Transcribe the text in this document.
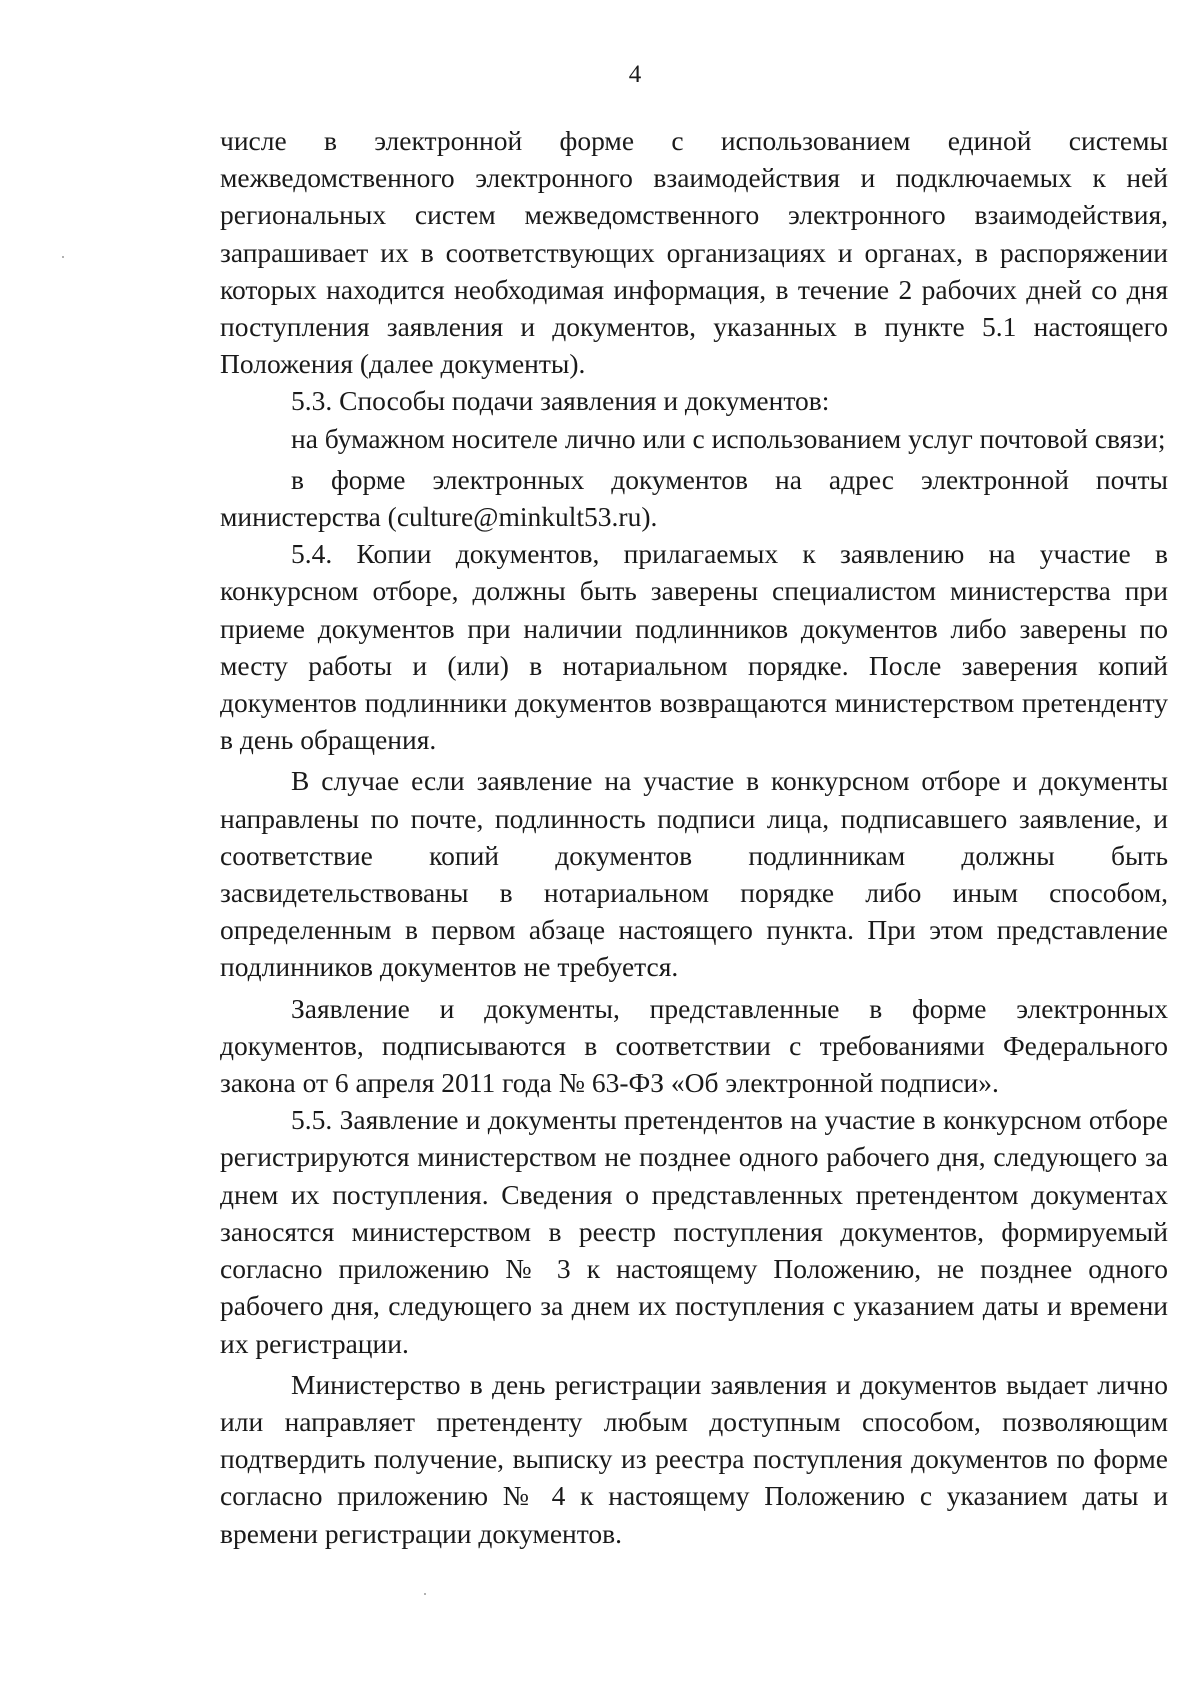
4

числе в электронной форме с использованием единой системы межведомственного электронного взаимодействия и подключаемых к ней региональных систем межведомственного электронного взаимодействия, запрашивает их в соответствующих организациях и органах, в распоряжении которых находится необходимая информация, в течение 2 рабочих дней со дня поступления заявления и документов, указанных в пункте 5.1 настоящего Положения (далее документы).

5.3. Способы подачи заявления и документов:

на бумажном носителе лично или с использованием услуг почтовой связи;

в форме электронных документов на адрес электронной почты министерства (culture@minkult53.ru).

5.4. Копии документов, прилагаемых к заявлению на участие в конкурсном отборе, должны быть заверены специалистом министерства при приеме документов при наличии подлинников документов либо заверены по месту работы и (или) в нотариальном порядке. После заверения копий документов подлинники документов возвращаются министерством претенденту в день обращения.

В случае если заявление на участие в конкурсном отборе и документы направлены по почте, подлинность подписи лица, подписавшего заявление, и соответствие копий документов подлинникам должны быть засвидетельствованы в нотариальном порядке либо иным способом, определенным в первом абзаце настоящего пункта. При этом представление подлинников документов не требуется.

Заявление и документы, представленные в форме электронных документов, подписываются в соответствии с требованиями Федерального закона от 6 апреля 2011 года № 63-ФЗ «Об электронной подписи».

5.5. Заявление и документы претендентов на участие в конкурсном отборе регистрируются министерством не позднее одного рабочего дня, следующего за днем их поступления. Сведения о представленных претендентом документах заносятся министерством в реестр поступления документов, формируемый согласно приложению № 3 к настоящему Положению, не позднее одного рабочего дня, следующего за днем их поступления с указанием даты и времени их регистрации.

Министерство в день регистрации заявления и документов выдает лично или направляет претенденту любым доступным способом, позволяющим подтвердить получение, выписку из реестра поступления документов по форме согласно приложению № 4 к настоящему Положению с указанием даты и времени регистрации документов.
